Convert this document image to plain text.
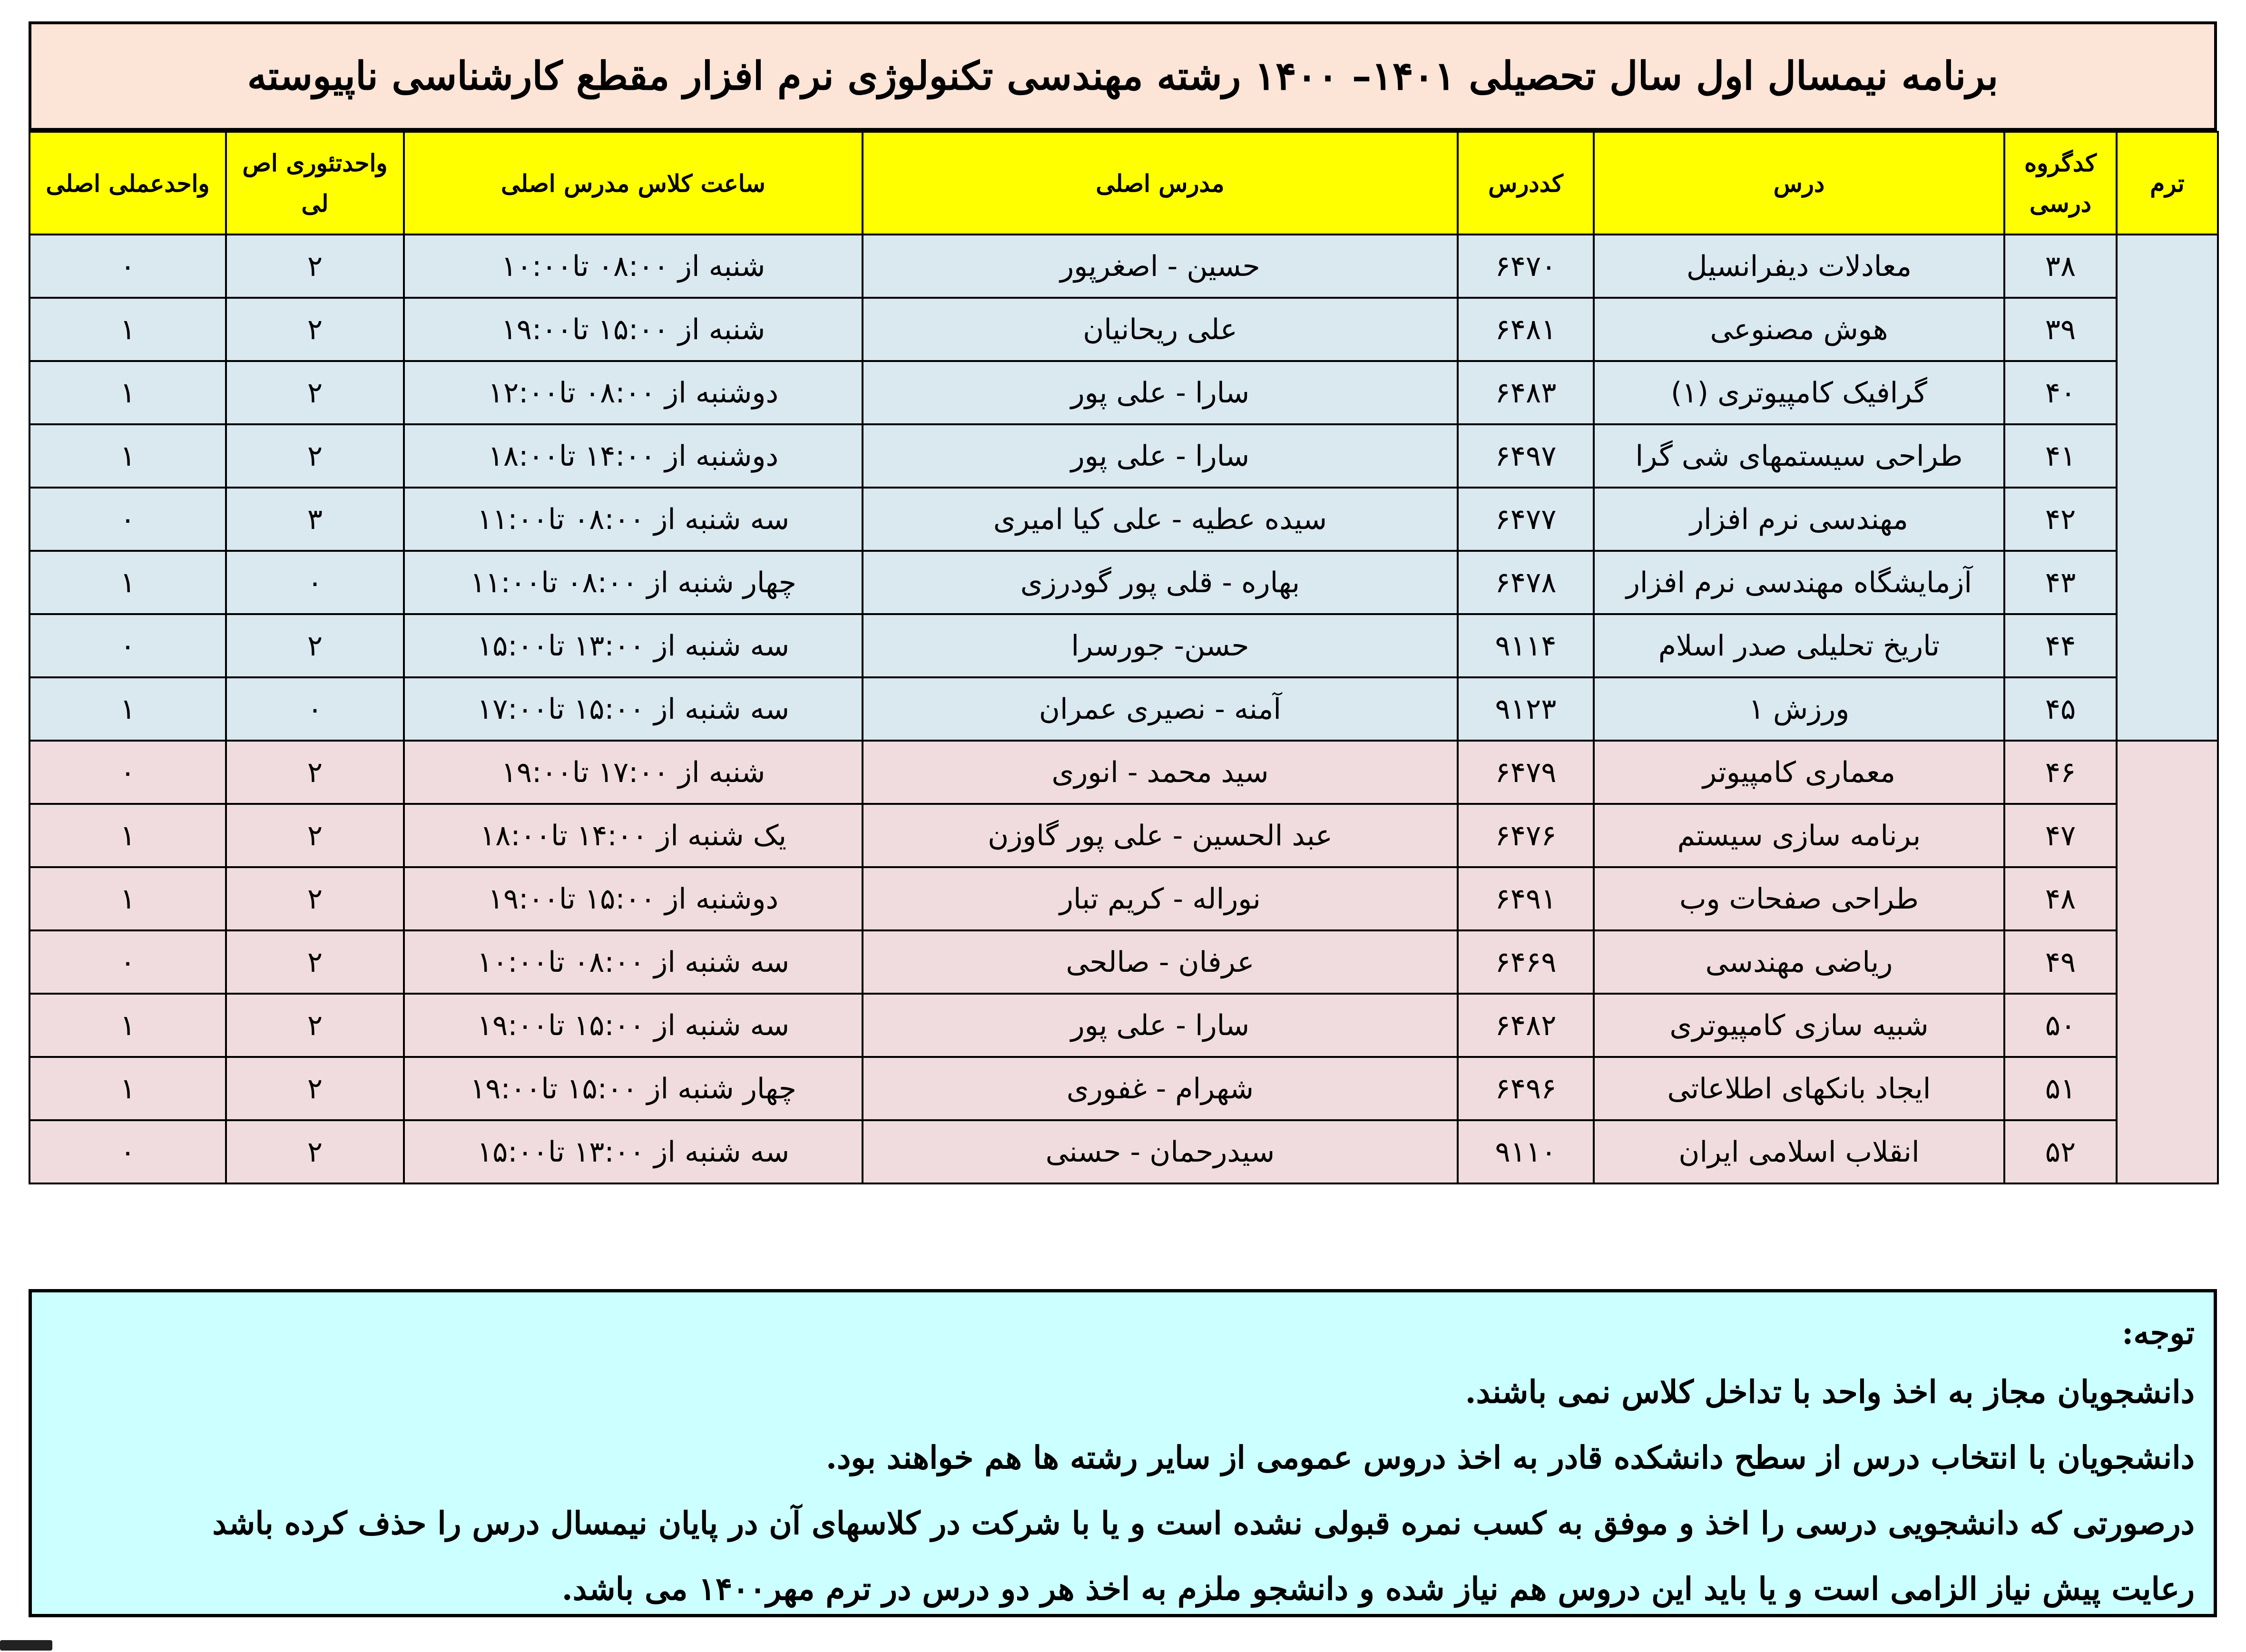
برنامه نیمسال اول سال تحصیلی ۱۴۰۱– ۱۴۰۰ رشته مهندسی تکنولوژی نرم افزار مقطع کارشناسی ناپیوسته
واحدعملی اصلی	واحدتئوری اص لی	ساعت کلاس مدرس اصلی	مدرس اصلی	کددرس	درس	کدگروه درسی	ترم
۰	۲	شنبه از ۰۸:۰۰ تا۱۰:۰۰	حسین - اصغرپور	۶۴۷۰	معادلات دیفرانسیل	۳۸	
۱	۲	شنبه از ۱۵:۰۰ تا۱۹:۰۰	علی ریحانیان	۶۴۸۱	هوش مصنوعی	۳۹	
۱	۲	دوشنبه از ۰۸:۰۰ تا۱۲:۰۰	سارا - علی پور	۶۴۸۳	گرافیک کامپیوتری (۱)	۴۰	
۱	۲	دوشنبه از ۱۴:۰۰ تا۱۸:۰۰	سارا - علی پور	۶۴۹۷	طراحی سیستمهای شی گرا	۴۱	
۰	۳	سه شنبه از ۰۸:۰۰ تا۱۱:۰۰	سیده عطیه - علی کیا امیری	۶۴۷۷	مهندسی نرم افزار	۴۲	
۱	۰	چهار شنبه از ۰۸:۰۰ تا۱۱:۰۰	بهاره - قلی پور گودرزی	۶۴۷۸	آزمایشگاه مهندسی نرم افزار	۴۳	
۰	۲	سه شنبه از ۱۳:۰۰ تا۱۵:۰۰	حسن- جورسرا	۹۱۱۴	تاریخ تحلیلی صدر اسلام	۴۴	
۱	۰	سه شنبه از ۱۵:۰۰ تا۱۷:۰۰	آمنه - نصیری عمران	۹۱۲۳	ورزش ۱	۴۵	
۰	۲	شنبه از ۱۷:۰۰ تا۱۹:۰۰	سید محمد - انوری	۶۴۷۹	معماری کامپیوتر	۴۶	
۱	۲	یک شنبه از ۱۴:۰۰ تا۱۸:۰۰	عبد الحسین - علی پور گاوزن	۶۴۷۶	برنامه سازی سیستم	۴۷	
۱	۲	دوشنبه از ۱۵:۰۰ تا۱۹:۰۰	نوراله - کریم تبار	۶۴۹۱	طراحی صفحات وب	۴۸	
۰	۲	سه شنبه از ۰۸:۰۰ تا۱۰:۰۰	عرفان - صالحی	۶۴۶۹	ریاضی مهندسی	۴۹	
۱	۲	سه شنبه از ۱۵:۰۰ تا۱۹:۰۰	سارا - علی پور	۶۴۸۲	شبیه سازی کامپیوتری	۵۰	
۱	۲	چهار شنبه از ۱۵:۰۰ تا۱۹:۰۰	شهرام - غفوری	۶۴۹۶	ایجاد بانکهای اطلاعاتی	۵۱	
۰	۲	سه شنبه از ۱۳:۰۰ تا۱۵:۰۰	سیدرحمان - حسنی	۹۱۱۰	انقلاب اسلامی ایران	۵۲	

توجه:

دانشجویان مجاز به اخذ واحد با تداخل کلاس نمی باشند.

دانشجویان با انتخاب درس از سطح دانشکده قادر به اخذ دروس عمومی از سایر رشته ها هم خواهند بود.

درصورتی که دانشجویی درسی را اخذ و موفق به کسب نمره قبولی نشده است و یا با شرکت در کلاسهای آن در پایان نیمسال درس را حذف کرده باشد

رعایت پیش نیاز الزامی است و یا باید این دروس هم نیاز شده و دانشجو ملزم به اخذ هر دو درس در ترم مهر۱۴۰۰ می باشد.
